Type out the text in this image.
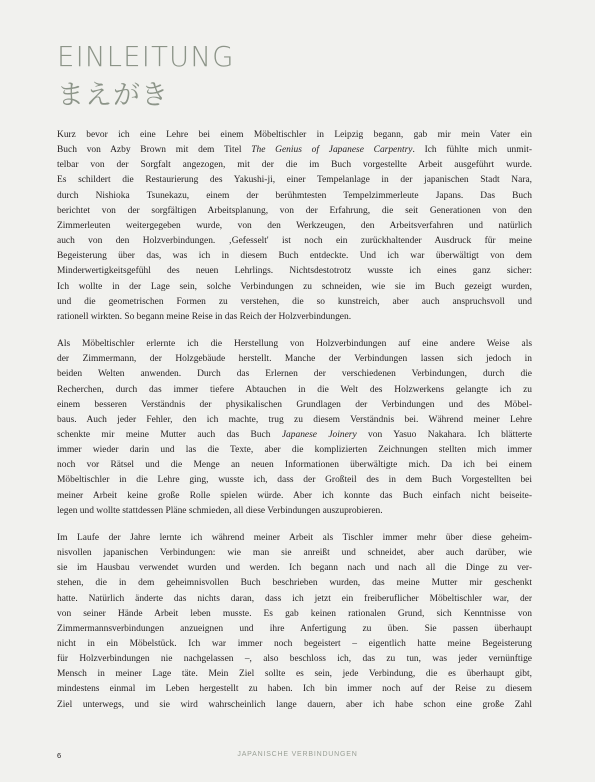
EINLEITUNG
まえがき
Kurz bevor ich eine Lehre bei einem Möbeltischler in Leipzig begann, gab mir mein Vater ein
Buch von Azby Brown mit dem Titel The Genius of Japanese Carpentry. Ich fühlte mich unmit-
telbar von der Sorgfalt angezogen, mit der die im Buch vorgestellte Arbeit ausgeführt wurde.
Es schildert die Restaurierung des Yakushi-ji, einer Tempelanlage in der japanischen Stadt Nara,
durch Nishioka Tsunekazu, einem der berühmtesten Tempelzimmerleute Japans. Das Buch
berichtet von der sorgfältigen Arbeitsplanung, von der Erfahrung, die seit Generationen von den
Zimmerleuten weitergegeben wurde, von den Werkzeugen, den Arbeitsverfahren und natürlich
auch von den Holzverbindungen. ‚Gefesselt' ist noch ein zurückhaltender Ausdruck für meine
Begeisterung über das, was ich in diesem Buch entdeckte. Und ich war überwältigt von dem
Minderwertigkeitsgefühl des neuen Lehrlings. Nichtsdestotrotz wusste ich eines ganz sicher:
Ich wollte in der Lage sein, solche Verbindungen zu schneiden, wie sie im Buch gezeigt wurden,
und die geometrischen Formen zu verstehen, die so kunstreich, aber auch anspruchsvoll und
rationell wirkten. So begann meine Reise in das Reich der Holzverbindungen.
Als Möbeltischler erlernte ich die Herstellung von Holzverbindungen auf eine andere Weise als
der Zimmermann, der Holzgebäude herstellt. Manche der Verbindungen lassen sich jedoch in
beiden Welten anwenden. Durch das Erlernen der verschiedenen Verbindungen, durch die
Recherchen, durch das immer tiefere Abtauchen in die Welt des Holzwerkens gelangte ich zu
einem besseren Verständnis der physikalischen Grundlagen der Verbindungen und des Möbel-
baus. Auch jeder Fehler, den ich machte, trug zu diesem Verständnis bei. Während meiner Lehre
schenkte mir meine Mutter auch das Buch Japanese Joinery von Yasuo Nakahara. Ich blätterte
immer wieder darin und las die Texte, aber die komplizierten Zeichnungen stellten mich immer
noch vor Rätsel und die Menge an neuen Informationen überwältigte mich. Da ich bei einem
Möbeltischler in die Lehre ging, wusste ich, dass der Großteil des in dem Buch Vorgestellten bei
meiner Arbeit keine große Rolle spielen würde. Aber ich konnte das Buch einfach nicht beiseite-
legen und wollte stattdessen Pläne schmieden, all diese Verbindungen auszuprobieren.
Im Laufe der Jahre lernte ich während meiner Arbeit als Tischler immer mehr über diese geheim-
nisvollen japanischen Verbindungen: wie man sie anreißt und schneidet, aber auch darüber, wie
sie im Hausbau verwendet wurden und werden. Ich begann nach und nach all die Dinge zu ver-
stehen, die in dem geheimnisvollen Buch beschrieben wurden, das meine Mutter mir geschenkt
hatte. Natürlich änderte das nichts daran, dass ich jetzt ein freiberuflicher Möbeltischler war, der
von seiner Hände Arbeit leben musste. Es gab keinen rationalen Grund, sich Kenntnisse von
Zimmermannsverbindungen anzueignen und ihre Anfertigung zu üben. Sie passen überhaupt
nicht in ein Möbelstück. Ich war immer noch begeistert – eigentlich hatte meine Begeisterung
für Holzverbindungen nie nachgelassen –, also beschloss ich, das zu tun, was jeder vernünftige
Mensch in meiner Lage täte. Mein Ziel sollte es sein, jede Verbindung, die es überhaupt gibt,
mindestens einmal im Leben hergestellt zu haben. Ich bin immer noch auf der Reise zu diesem
Ziel unterwegs, und sie wird wahrscheinlich lange dauern, aber ich habe schon eine große Zahl
6	JAPANISCHE VERBINDUNGEN
